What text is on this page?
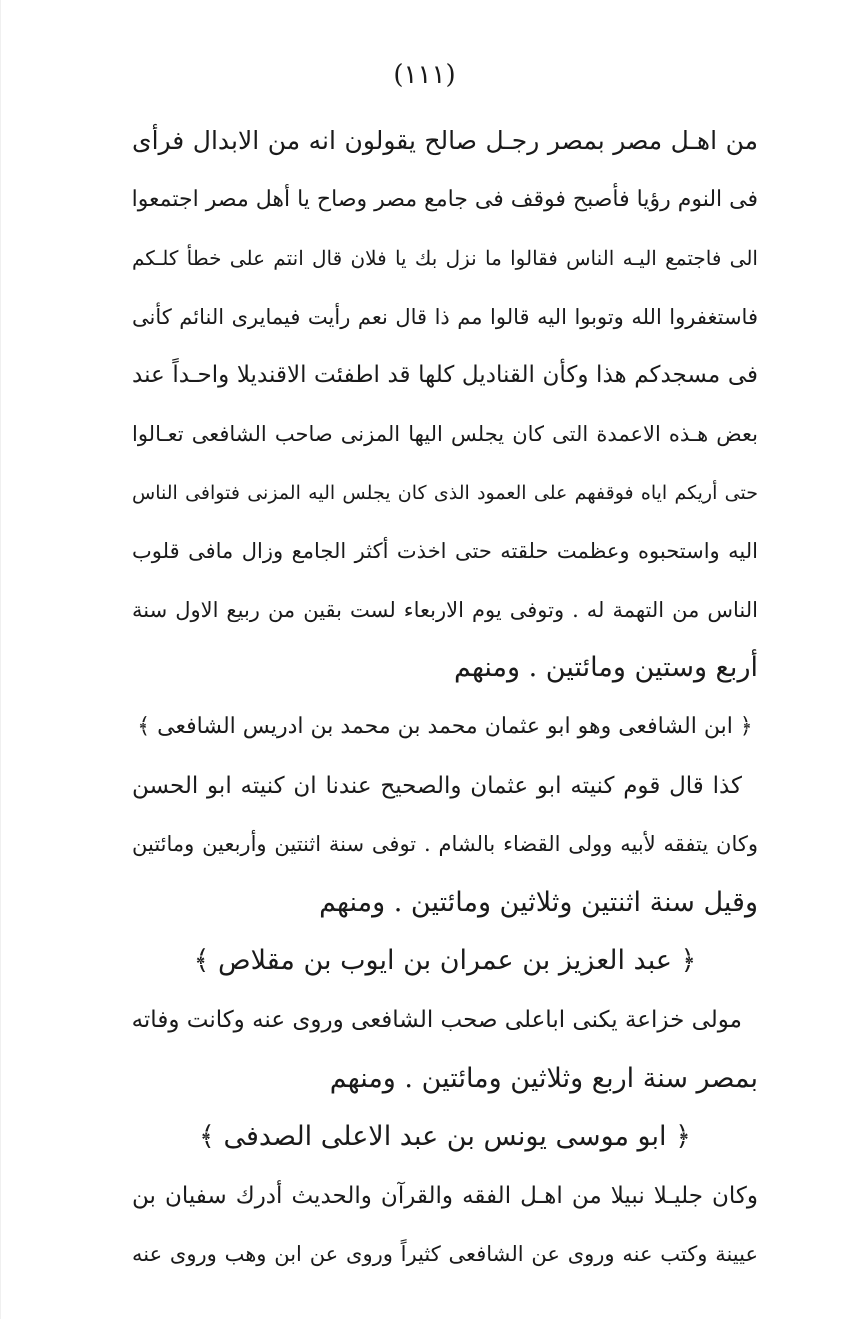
(١١١)
من اهـل مصر بمصر رجـل صالح يقولون انه من الابدال فرأى
فى النوم رؤيا فأصبح فوقف فى جامع مصر وصاح يا أهل مصر اجتمعوا
الى فاجتمع اليـه الناس فقالوا ما نزل بك يا فلان قال انتم على خطأ كلـكم
فاستغفروا الله وتوبوا اليه قالوا مم ذا قال نعم رأيت فيمايرى النائم كأنى
فى مسجدكم هذا وكأن القناديل كلها قد اطفئت الاقنديلا واحـداً عند
بعض هـذه الاعمدة التى كان يجلس اليها المزنى صاحب الشافعى تعـالوا
حتى أريكم اياه فوقفهم على العمود الذى كان يجلس اليه المزنى فتوافى الناس
اليه واستحبوه وعظمت حلقته حتى اخذت أكثر الجامع وزال مافى قلوب
الناس من التهمة له . وتوفى يوم الاربعاء لست بقين من ربيع الاول سنة
أربع وستين ومائتين . ومنهم
﴿ ابن الشافعى وهو ابو عثمان محمد بن محمد بن ادريس الشافعى ﴾
كذا قال قوم كنيته ابو عثمان والصحيح عندنا ان كنيته ابو الحسن
وكان يتفقه لأبيه وولى القضاء بالشام . توفى سنة اثنتين وأربعين ومائتين
وقيل سنة اثنتين وثلاثين ومائتين . ومنهم
﴿ عبد العزيز بن عمران بن ايوب بن مقلاص ﴾
مولى خزاعة يكنى اباعلى صحب الشافعى وروى عنه وكانت وفاته
بمصر سنة اربع وثلاثين ومائتين . ومنهم
﴿ ابو موسى يونس بن عبد الاعلى الصدفى ﴾
وكان جليـلا نبيلا من اهـل الفقه والقرآن والحديث أدرك سفيان بن
عيينة وكتب عنه وروى عن الشافعى كثيراً وروى عن ابن وهب وروى عنه
